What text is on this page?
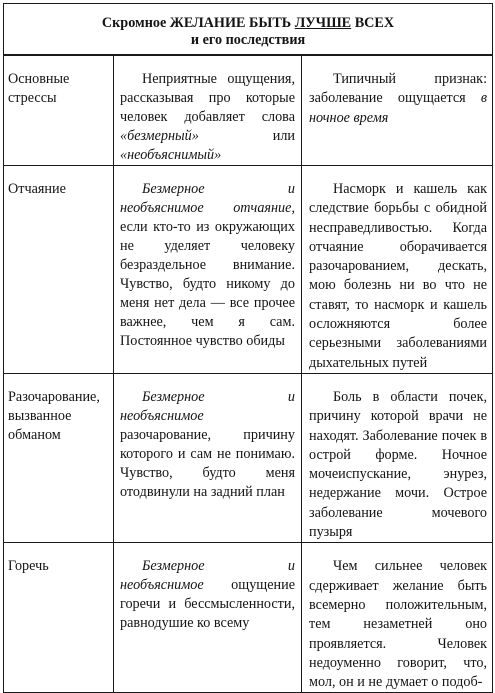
Скромное ЖЕЛАНИЕ БЫТЬ ЛУЧШЕ ВСЕХ
и его последствия		

Основные стрессы	Неприятные ощущения, рассказывая про которые человек добавляет слова «безмерный» или «необъяснимый»	Типичный признак: заболевание ощущается в ночное время
Отчаяние	Безмерное и необъяснимое отчаяние, если кто-то из окружающих не уделяет человеку безраздельное внимание. Чувство, будто никому до меня нет дела — все прочее важнее, чем я сам. Постоянное чувство обиды	Насморк и кашель как следствие борьбы с обидной несправедливостью. Когда отчаяние оборачивается разочарованием, дескать, мою болезнь ни во что не ставят, то насморк и кашель осложняются более серьезными заболеваниями дыхательных путей
Разочарование, вызванное обманом	Безмерное и необъяснимое разочарование, причину которого и сам не понимаю. Чувство, будто меня отодвинули на задний план	Боль в области почек, причину которой врачи не находят. Заболевание почек в острой форме. Ночное мочеиспускание, энурез, недержание мочи. Острое заболевание мочевого пузыря
Горечь	Безмерное и необъяснимое ощущение горечи и бессмысленности, равнодушие ко всему	Чем сильнее человек сдерживает желание быть всемерно положительным, тем незаметней оно проявляется. Человек недоуменно говорит, что, мол, он и не думает о подоб-
